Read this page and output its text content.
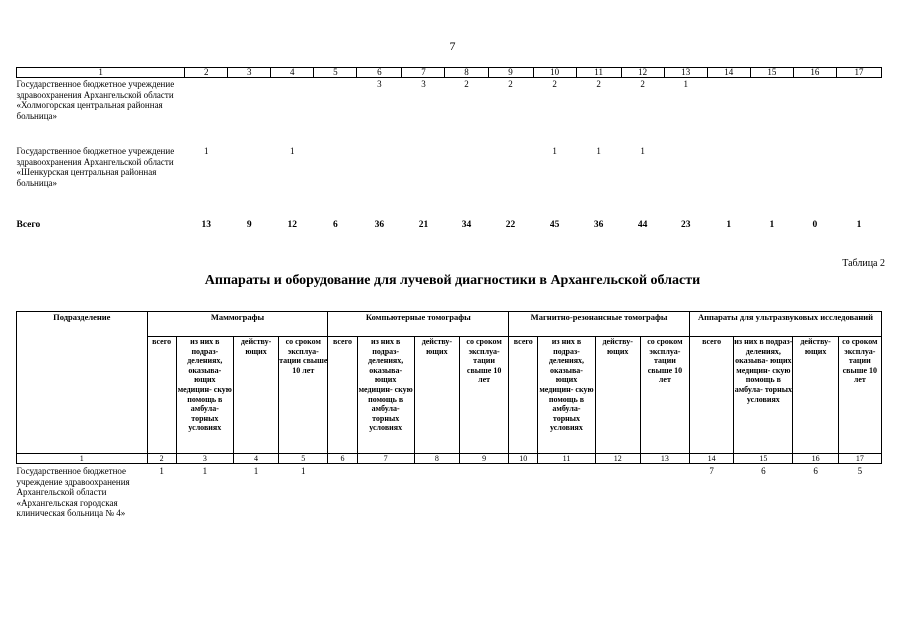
7
1	2	3	4	5	6	7	8	9	10	11	12	13	14	15	16	17
Государственное бюджетное учреждение здравоохранения Архангельской области «Холмогорская центральная районная больница»					3	3	2	2	2	2	2	1				
Государственное бюджетное учреждение здравоохранения Архангельской области «Шенкурская центральная районная больница»	1		1						1	1	1					
Всего	13	9	12	6	36	21	34	22	45	36	44	23	1	1	0	1
Таблица 2
Аппараты и оборудование для лучевой диагностики в Архангельской области
Подразделение	Маммографы				Компьютерные томографы				Магнитно-резонансные томографы				Аппараты для ультразвуковых исследований			
	всего	из них в подраз- делениях, оказыва- ющих медицин- скую помощь в амбула- торных условиях	действу- ющих	со сроком эксплуа- тации свыше 10 лет	всего	из них в подраз- делениях, оказыва- ющих медицин- скую помощь в амбула- торных условиях	действу- ющих	со сроком эксплуа- тации свыше 10 лет	всего	из них в подраз- делениях, оказыва- ющих медицин- скую помощь в амбула- торных условиях	действу- ющих	со сроком эксплуа- тации свыше 10 лет	всего	из них в подраз- делениях, оказыва- ющих медицин- скую помощь в амбула- торных условиях	действу- ющих	со сроком эксплуа- тации свыше 10 лет
1	2	3	4	5	6	7	8	9	10	11	12	13	14	15	16	17
Государственное бюджетное учреждение здравоохранения Архангельской области «Архангельская городская клиническая больница № 4»	1	1	1	1									7	6	6	5
